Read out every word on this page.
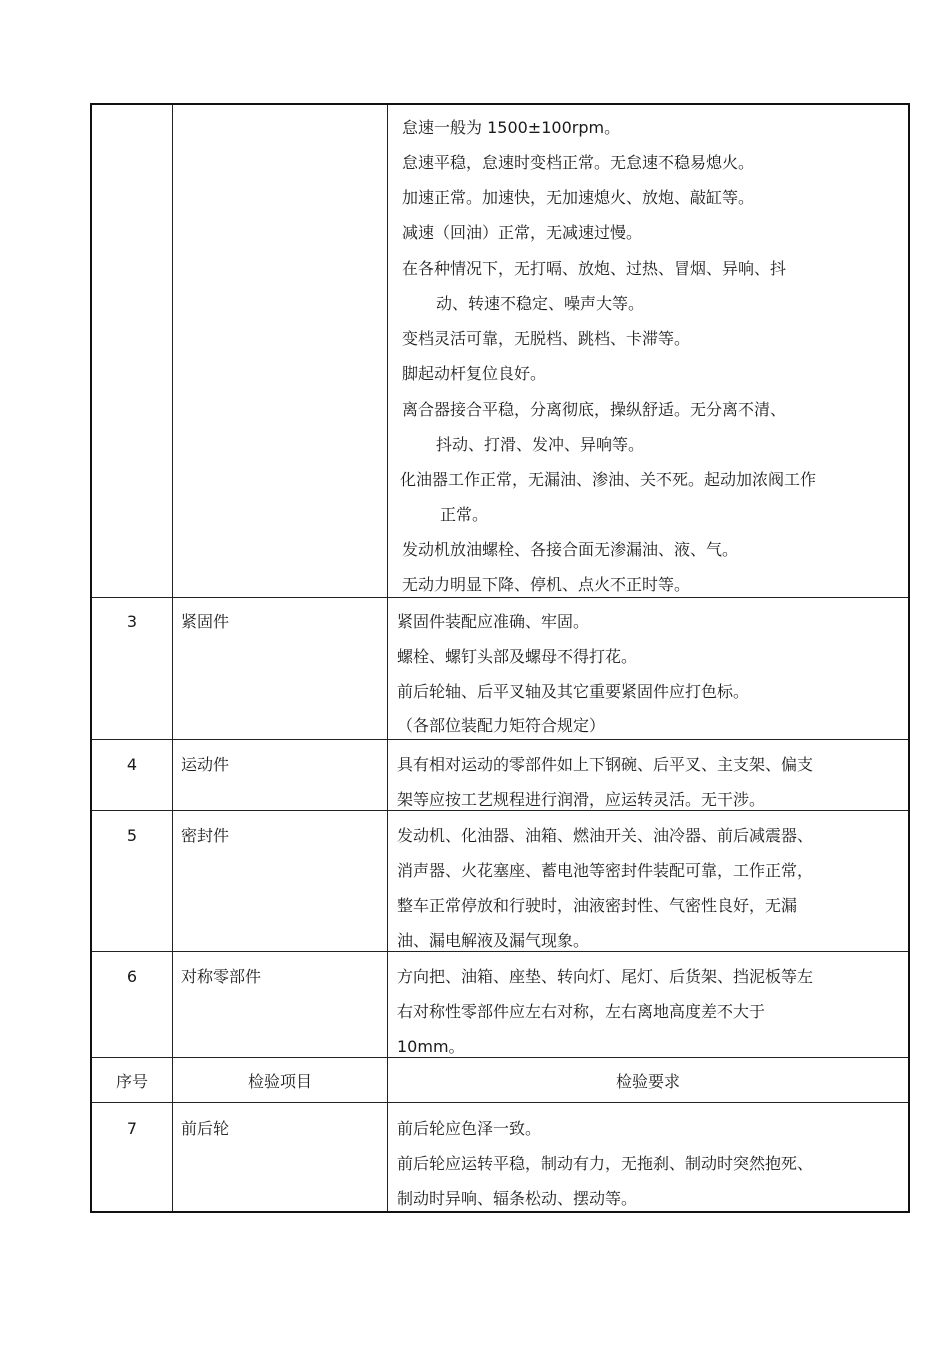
怠速一般为 1500±100rpm。
怠速平稳，怠速时变档正常。无怠速不稳易熄火。
加速正常。加速快，无加速熄火、放炮、敲缸等。
减速（回油）正常，无减速过慢。
在各种情况下，无打嗝、放炮、过热、冒烟、异响、抖
动、转速不稳定、噪声大等。
变档灵活可靠，无脱档、跳档、卡滞等。
脚起动杆复位良好。
离合器接合平稳，分离彻底，操纵舒适。无分离不清、
抖动、打滑、发冲、异响等。
化油器工作正常，无漏油、渗油、关不死。起动加浓阀工作
正常。
发动机放油螺栓、各接合面无渗漏油、液、气。
无动力明显下降、停机、点火不正时等。
3	紧固件	紧固件装配应准确、牢固。
螺栓、螺钉头部及螺母不得打花。
前后轮轴、后平叉轴及其它重要紧固件应打色标。
（各部位装配力矩符合规定）
4	运动件	具有相对运动的零部件如上下钢碗、后平叉、主支架、偏支
架等应按工艺规程进行润滑，应运转灵活。无干涉。
5	密封件	发动机、化油器、油箱、燃油开关、油冷器、前后减震器、
消声器、火花塞座、蓄电池等密封件装配可靠，工作正常，
整车正常停放和行驶时，油液密封性、气密性良好，无漏
油、漏电解液及漏气现象。
6	对称零部件	方向把、油箱、座垫、转向灯、尾灯、后货架、挡泥板等左
右对称性零部件应左右对称，左右离地高度差不大于
10mm。
序号	检验项目	检验要求
7	前后轮	前后轮应色泽一致。
前后轮应运转平稳，制动有力，无拖刹、制动时突然抱死、
制动时异响、辐条松动、摆动等。
